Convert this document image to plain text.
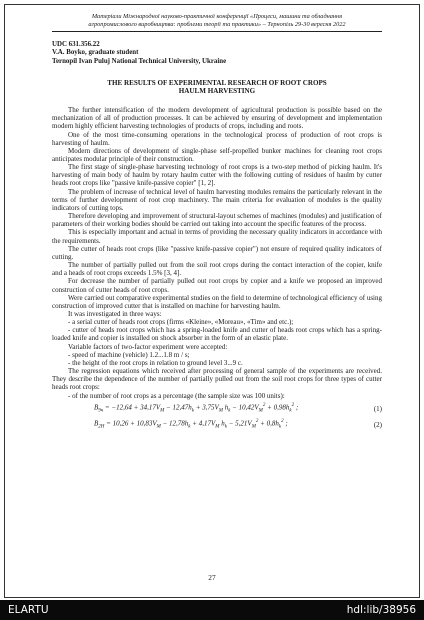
Матеріали Міжнародної науково-практичної конференції «Процеси, машини та обладнання
агропромислового виробництва: проблеми теорії та практики» – Тернопіль 29-30 вересня 2022
UDC 631.356.22
V.A. Boyko, graduate student
Ternopil Ivan Puluj National Technical University, Ukraine
THE RESULTS OF EXPERIMENTAL RESEARCH OF ROOT CROPS
HAULM HARVESTING

The further intensification of the modern development of agricultural production is possible based on the mechanization of all of production processes. It can be achieved by ensuring of development and implementation modern highly efficient harvesting technologies of products of crops, including and roots.

One of the most time-consuming operations in the technological process of production of root crops is harvesting of haulm.

Modern directions of development of single-phase self-propelled bunker machines for cleaning root crops anticipates modular principle of their construction.

The first stage of single-phase harvesting technology of root crops is a two-step method of picking haulm. It's harvesting of main body of haulm by rotary haulm cutter with the following cutting of residues of haulm by cutter heads root crops like "passive knife-passive copier" [1, 2].

The problem of increase of technical level of haulm harvesting modules remains the particularly relevant in the terms of further development of root crop machinery. The main criteria for evaluation of modules is the quality indicators of cutting tops.

Therefore developing and improvement of structural-layout schemes of machines (modules) and justification of parameters of their working bodies should be carried out taking into account the specific features of the process.

This is especially important and actual in terms of providing the necessary quality indicators in accordance with the requirements.

The cutter of heads root crops (like "passive knife-passive copier") not ensure of required quality indicators of cutting.

The number of partially pulled out from the soil root crops during the contact interaction of the copier, knife and a heads of root crops exceeds 1.5% [3, 4].

For decrease the number of partially pulled out root crops by copier and a knife we proposed an improved construction of cutter heads of root crops.

Were carried out comparative experimental studies on the field to determine of technological efficiency of using construction of improved cutter that is installed on machine for harvesting haulm.

It was investigated in three ways:

- a serial cutter of heads root crops (firms «Kleine», «Moreau», «Tim» and etc.);

- cutter of heads root crops which has a spring-loaded knife and cutter of heads root crops which has a spring-loaded knife and copier is installed on shock absorber in the form of an elastic plate.

Variable factors of two-factor experiment were accepted:

- speed of machine (vehicle) 1.2...1.8 m / s;

- the height of the root crops in relation to ground level 3...9 c.

The regression equations which received after processing of general sample of the experiments are received. They describe the dependence of the number of partially pulled out from the soil root crops for three types of cutter heads root crops:

- of the number of root crops as a percentage (the sample size was 100 units):

$B_{9ч} = -12,64 + 34,17V_M - 12,47h_k + 3,75V_M$ $h_k - 10,42V_M^2 + 0,98h_k^2$ ;	(1)
$B_{2Н} = 10,26 + 10,83V_M - 12,78h_k + 4,17V_M$ $h_k - 5,21V_M^2 + 0,8h_k^2$ ;	(2)
27
ELARTU	hdl:lib/38956
